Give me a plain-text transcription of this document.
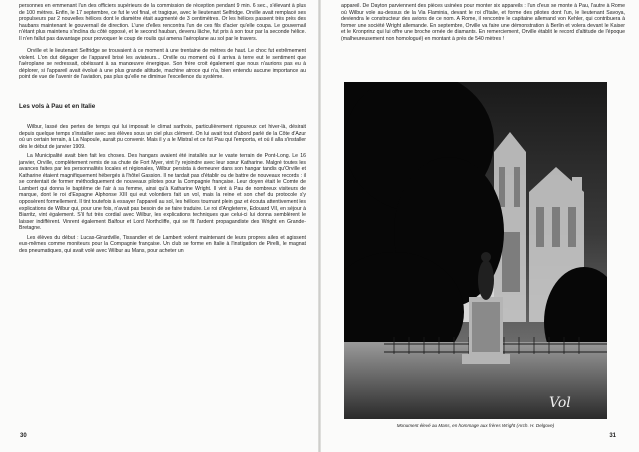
personnes en emmenant l'un des officiers supérieurs de la commission de réception pendant 9 min. 6 sec., s'élevant à plus de 100 mètres. Enfin, le 17 septembre, ce fut le vol final, et tragique, avec le lieutenant Selfridge. Orville avait remplacé ses propulseurs par 2 nouvelles hélices dont le diamètre était augmenté de 3 centimètres. Or les hélices passent très près des haubans maintenant le gouvernail de direction. L'une d'elles rencontra l'un de ces fils d'acier qu'elle coupa. Le gouvernail n'étant plus maintenu s'inclina du côté opposé, et le second hauban, devenu lâche, fut pris à son tour par la seconde hélice. Il n'en fallut pas davantage pour provoquer le coup de roulis qui amena l'aéroplane au sol par le travers.

Orville et le lieutenant Selfridge se trouvaient à ce moment à une trentaine de mètres de haut. Le choc fut extrêmement violent. L'on dut dégager de l'appareil brisé les aviateurs... Orville ou moment où il arriva à terre eut le sentiment que l'aéroplane se redressait, obéissant à sa manœuvre énergique. Son frère croit également que nous n'aurions pas eu à déplorer, si l'appareil avait évolué à une plus grande altitude, machine atroce qui n'a, bien entendu aucune importance au point de vue de l'avenir de l'aviation, pas plus qu'elle ne diminue l'excellence du système.

Les vols à Pau et en Italie

Wilbur, lassé des pertes de temps qui lui imposait le climat sarthois, particulièrement rigoureux cet hiver-là, désirait depuis quelque temps s'installer avec ses élèves sous un ciel plus clément. On lui avait tout d'abord parlé de la Côte d'Azur où un certain terrain, à La Napoule, aurait pu convenir. Mais il y a le Mistral et ce fut Pau qui l'emporta, et où il alla s'installer dès le début de janvier 1909.

La Municipalité avait bien fait les choses. Des hangars avaient été installés sur le vaste terrain de Pont-Long. Le 16 janvier, Orville, complètement remis de sa chute de Fort Myer, vint l'y rejoindre avec leur sœur Katharine. Malgré toutes les avances faites par les personnalités locales et régionales, Wilbur persista à demeurer dans son hangar tandis qu'Orville et Katharine étaient magnifiquement hébergés à l'hôtel Gassion. Il ne tardait pas d'établir ou de battre de nouveaux records : il se contentait de former méthodiquement de nouveaux pilotes pour la Compagnie française. Leur doyen était le Comte de Lambert qui donna le baptême de l'air à sa femme, ainsi qu'à Katharine Wright. Il vint à Pau de nombreux visiteurs de marque, dont le roi d'Espagne Alphonse XIII qui eut volontiers fait un vol, mais la reine et son chef du protocole s'y opposèrent formellement. Il tint toutefois à essayer l'appareil au sol, les hélices tournant plein gaz et écouta attentivement les explications de Wilbur qui, pour une fois, n'avait pas besoin de se faire traduire. Le roi d'Angleterre, Edouard VII, en séjour à Biarritz, vint également. S'il fut très cordial avec Wilbur, les explications techniques que celui-ci lui donna semblèrent le laisser indifférent. Vinrent également Balfour et Lord Northcliffe, qui se fit l'ardent propagandiste des Wright en Grande-Bretagne.

Les élèves du début : Lucas-Girardville, Tissandier et de Lambert volent maintenant de leurs propres ailes et agissent eux-mêmes comme moniteurs pour la Compagnie française. Un club se forme en Italie à l'instigation de Pirelli, le magnat des pneumatiques, qui avait volé avec Wilbur au Mans, pour acheter un

30

appareil. De Dayton parviennent des pièces usinées pour monter six appareils : l'un d'eux se monte à Pau, l'autre à Rome où Wilbur vole au-dessus de la Via Flaminia, devant le roi d'Italie, et forme des pilotes dont l'un, le lieutenant Savoya, deviendra le constructeur des avions de ce nom. A Rome, il rencontre le capitaine allemand von Kehler, qui contribuera à former une société Wright allemande. En septembre, Orville va faire une démonstration à Berlin et volera devant le Kaiser et le Kronprinz qui lui offre une broche ornée de diamants. En remerciement, Orville établit le record d'altitude de l'époque (malheureusement non homologué) en montant à près de 540 mètres !

Vol
Monument élevé au Mans, en hommage aux frères Wright (Arch. H. Delgove)
31
